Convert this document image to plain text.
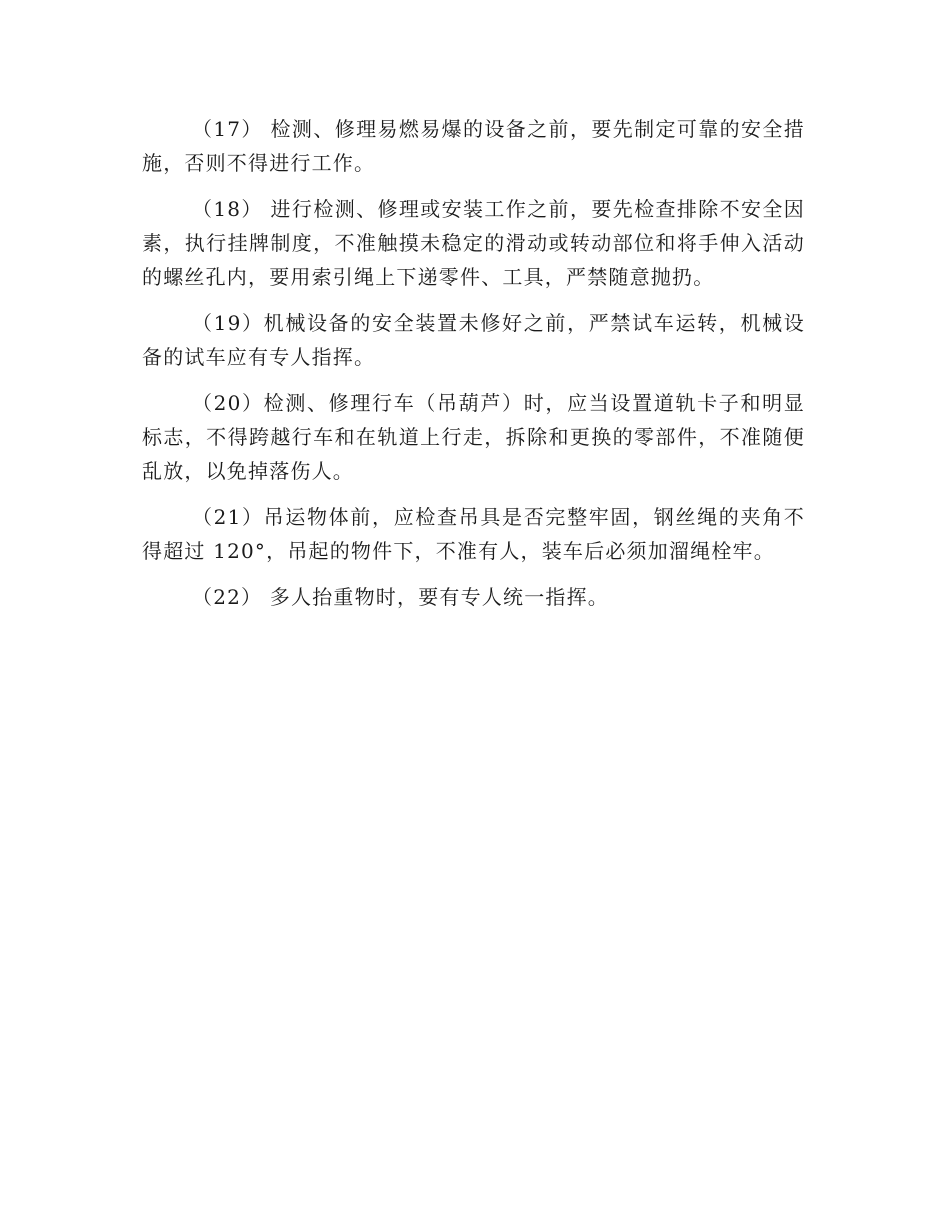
（17） 检测、修理易燃易爆的设备之前，要先制定可靠的安全措施，否则不得进行工作。

（18） 进行检测、修理或安装工作之前，要先检查排除不安全因素，执行挂牌制度，不准触摸未稳定的滑动或转动部位和将手伸入活动的螺丝孔内，要用索引绳上下递零件、工具，严禁随意抛扔。

（19）机械设备的安全装置未修好之前，严禁试车运转，机械设备的试车应有专人指挥。

（20）检测、修理行车（吊葫芦）时，应当设置道轨卡子和明显标志，不得跨越行车和在轨道上行走，拆除和更换的零部件，不准随便乱放，以免掉落伤人。

（21）吊运物体前，应检查吊具是否完整牢固，钢丝绳的夹角不得超过 120°，吊起的物件下，不准有人，装车后必须加溜绳栓牢。

（22） 多人抬重物时，要有专人统一指挥。
